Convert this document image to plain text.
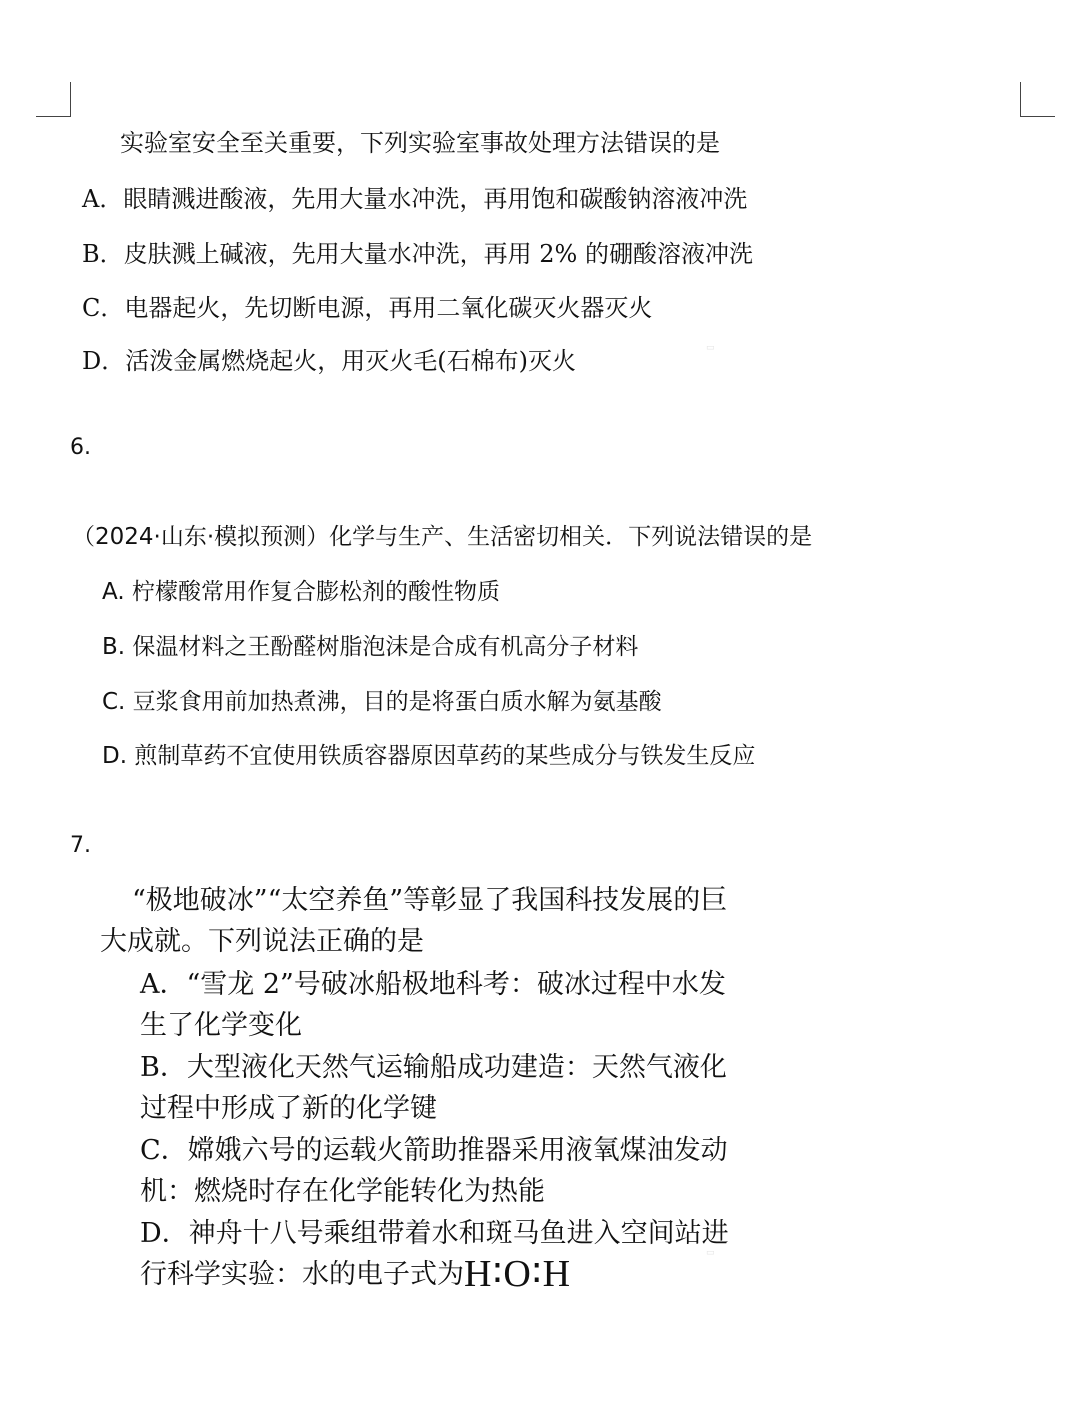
实验室安全至关重要，下列实验室事故处理方法错误的是
A．眼睛溅进酸液，先用大量水冲洗，再用饱和碳酸钠溶液冲洗
B．皮肤溅上碱液，先用大量水冲洗，再用 2% 的硼酸溶液冲洗
C．电器起火，先切断电源，再用二氧化碳灭火器灭火
D．活泼金属燃烧起火，用灭火毛(石棉布)灭火	▭
6.
（2024·山东·模拟预测）化学与生产、生活密切相关．下列说法错误的是
A. 柠檬酸常用作复合膨松剂的酸性物质
B. 保温材料之王酚醛树脂泡沫是合成有机高分子材料
C. 豆浆食用前加热煮沸，目的是将蛋白质水解为氨基酸
D. 煎制草药不宜使用铁质容器原因草药的某些成分与铁发生反应
7.
“极地破冰”“太空养鱼”等彰显了我国科技发展的巨
大成就。下列说法正确的是
A．“雪龙 2”号破冰船极地科考：破冰过程中水发
生了化学变化
B．大型液化天然气运输船成功建造：天然气液化
过程中形成了新的化学键
C．嫦娥六号的运载火箭助推器采用液氧煤油发动
机：燃烧时存在化学能转化为热能
D．神舟十八号乘组带着水和斑马鱼进入空间站进
行科学实验：水的电子式为H∶O∶H	▭
